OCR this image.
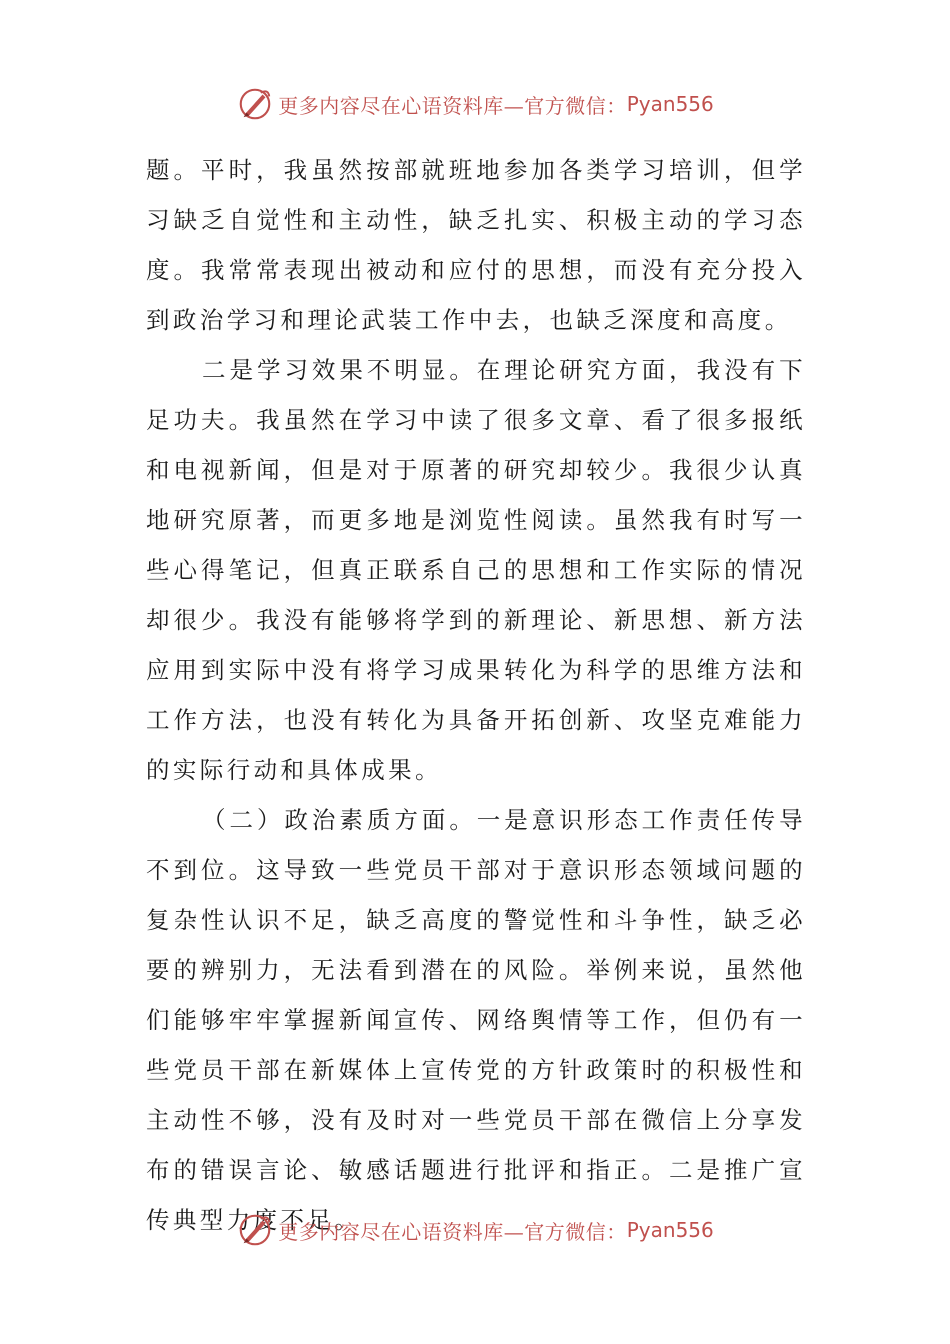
更多内容尽在心语资料库—官方微信： Pyan556

题。平时，我虽然按部就班地参加各类学习培训，但学习缺乏自觉性和主动性，缺乏扎实、积极主动的学习态度。我常常表现出被动和应付的思想，而没有充分投入到政治学习和理论武装工作中去，也缺乏深度和高度。

二是学习效果不明显。在理论研究方面，我没有下足功夫。我虽然在学习中读了很多文章、看了很多报纸和电视新闻，但是对于原著的研究却较少。我很少认真地研究原著，而更多地是浏览性阅读。虽然我有时写一些心得笔记，但真正联系自己的思想和工作实际的情况却很少。我没有能够将学到的新理论、新思想、新方法应用到实际中没有将学习成果转化为科学的思维方法和工作方法，也没有转化为具备开拓创新、攻坚克难能力的实际行动和具体成果。

（二）政治素质方面。一是意识形态工作责任传导不到位。这导致一些党员干部对于意识形态领域问题的复杂性认识不足，缺乏高度的警觉性和斗争性，缺乏必要的辨别力，无法看到潜在的风险。举例来说，虽然他们能够牢牢掌握新闻宣传、网络舆情等工作，但仍有一些党员干部在新媒体上宣传党的方针政策时的积极性和主动性不够，没有及时对一些党员干部在微信上分享发布的错误言论、敏感话题进行批评和指正。二是推广宣传典型力度不足。

更多内容尽在心语资料库—官方微信： Pyan556
